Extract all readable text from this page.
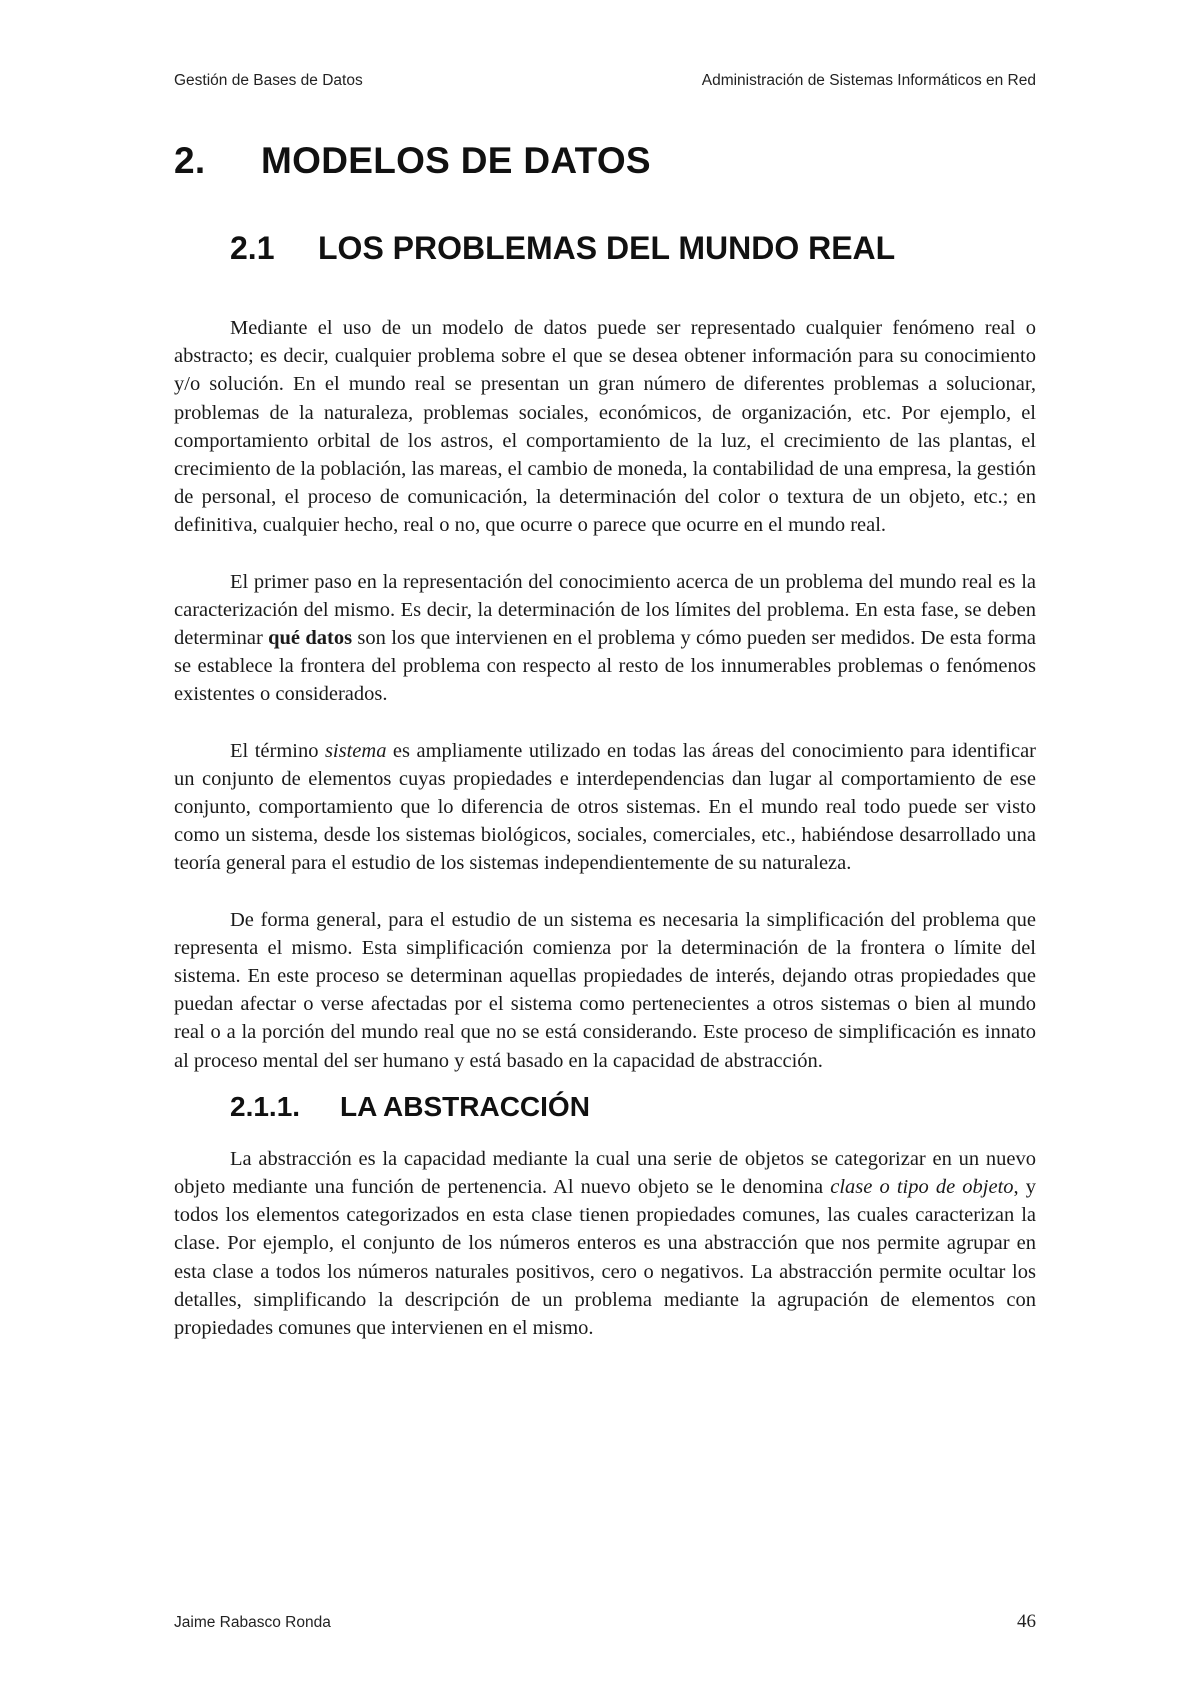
Gestión de Bases de Datos	Administración de Sistemas Informáticos en Red
2.	MODELOS DE DATOS
2.1	LOS PROBLEMAS DEL MUNDO REAL

Mediante el uso de un modelo de datos puede ser representado cualquier fenómeno real o abstracto; es decir, cualquier problema sobre el que se desea obtener información para su conocimiento y/o solución. En el mundo real se presentan un gran número de diferentes problemas a solucionar, problemas de la naturaleza, problemas sociales, económicos, de organización, etc. Por ejemplo, el comportamiento orbital de los astros, el comportamiento de la luz, el crecimiento de las plantas, el crecimiento de la población, las mareas, el cambio de moneda, la contabilidad de una empresa, la gestión de personal, el proceso de comunicación, la determinación del color o textura de un objeto, etc.; en definitiva, cualquier hecho, real o no, que ocurre o parece que ocurre en el mundo real.

El primer paso en la representación del conocimiento acerca de un problema del mundo real es la caracterización del mismo. Es decir, la determinación de los límites del problema. En esta fase, se deben determinar qué datos son los que intervienen en el problema y cómo pueden ser medidos. De esta forma se establece la frontera del problema con respecto al resto de los innumerables problemas o fenómenos existentes o considerados.

El término sistema es ampliamente utilizado en todas las áreas del conocimiento para identificar un conjunto de elementos cuyas propiedades e interdependencias dan lugar al comportamiento de ese conjunto, comportamiento que lo diferencia de otros sistemas. En el mundo real todo puede ser visto como un sistema, desde los sistemas biológicos, sociales, comerciales, etc., habiéndose desarrollado una teoría general para el estudio de los sistemas independientemente de su naturaleza.

De forma general, para el estudio de un sistema es necesaria la simplificación del problema que representa el mismo. Esta simplificación comienza por la determinación de la frontera o límite del sistema. En este proceso se determinan aquellas propiedades de interés, dejando otras propiedades que puedan afectar o verse afectadas por el sistema como pertenecientes a otros sistemas o bien al mundo real o a la porción del mundo real que no se está considerando. Este proceso de simplificación es innato al proceso mental del ser humano y está basado en la capacidad de abstracción.

2.1.1.	LA ABSTRACCIÓN

La abstracción es la capacidad mediante la cual una serie de objetos se categorizar en un nuevo objeto mediante una función de pertenencia. Al nuevo objeto se le denomina clase o tipo de objeto, y todos los elementos categorizados en esta clase tienen propiedades comunes, las cuales caracterizan la clase. Por ejemplo, el conjunto de los números enteros es una abstracción que nos permite agrupar en esta clase a todos los números naturales positivos, cero o negativos. La abstracción permite ocultar los detalles, simplificando la descripción de un problema mediante la agrupación de elementos con propiedades comunes que intervienen en el mismo.

Jaime Rabasco Ronda	46
